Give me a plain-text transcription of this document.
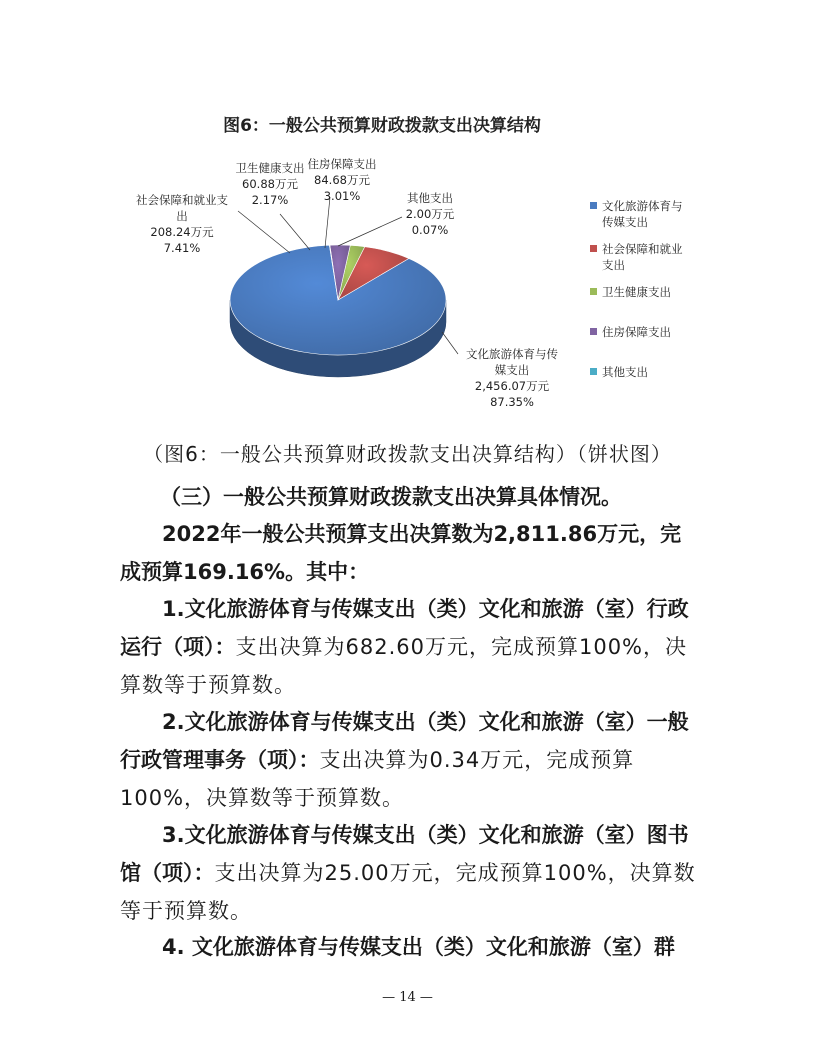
图6：一般公共预算财政拨款支出决算结构
文化旅游体育与传
媒支出
2,456.07万元
87.35%
社会保障和就业支
出
208.24万元
7.41%
卫生健康支出
60.88万元
2.17%
住房保障支出
84.68万元
3.01%	其他支出
2.00万元
0.07%
文化旅游体育与
传媒支出
社会保障和就业
支出
卫生健康支出
住房保障支出
其他支出
（图6：一般公共预算财政拨款支出决算结构）（饼状图）
（三）一般公共预算财政拨款支出决算具体情况。
2022年一般公共预算支出决算数为2,811.86万元，完成预算169.16%。其中：
1.文化旅游体育与传媒支出（类）文化和旅游（室）行政运行（项）：支出决算为682.60万元，完成预算100%，决算数等于预算数。
2.文化旅游体育与传媒支出（类）文化和旅游（室）一般行政管理事务（项）：支出决算为0.34万元，完成预算100%，决算数等于预算数。
3.文化旅游体育与传媒支出（类）文化和旅游（室）图书馆（项）：支出决算为25.00万元，完成预算100%，决算数等于预算数。
4. 文化旅游体育与传媒支出（类）文化和旅游（室）群
— 14 —
